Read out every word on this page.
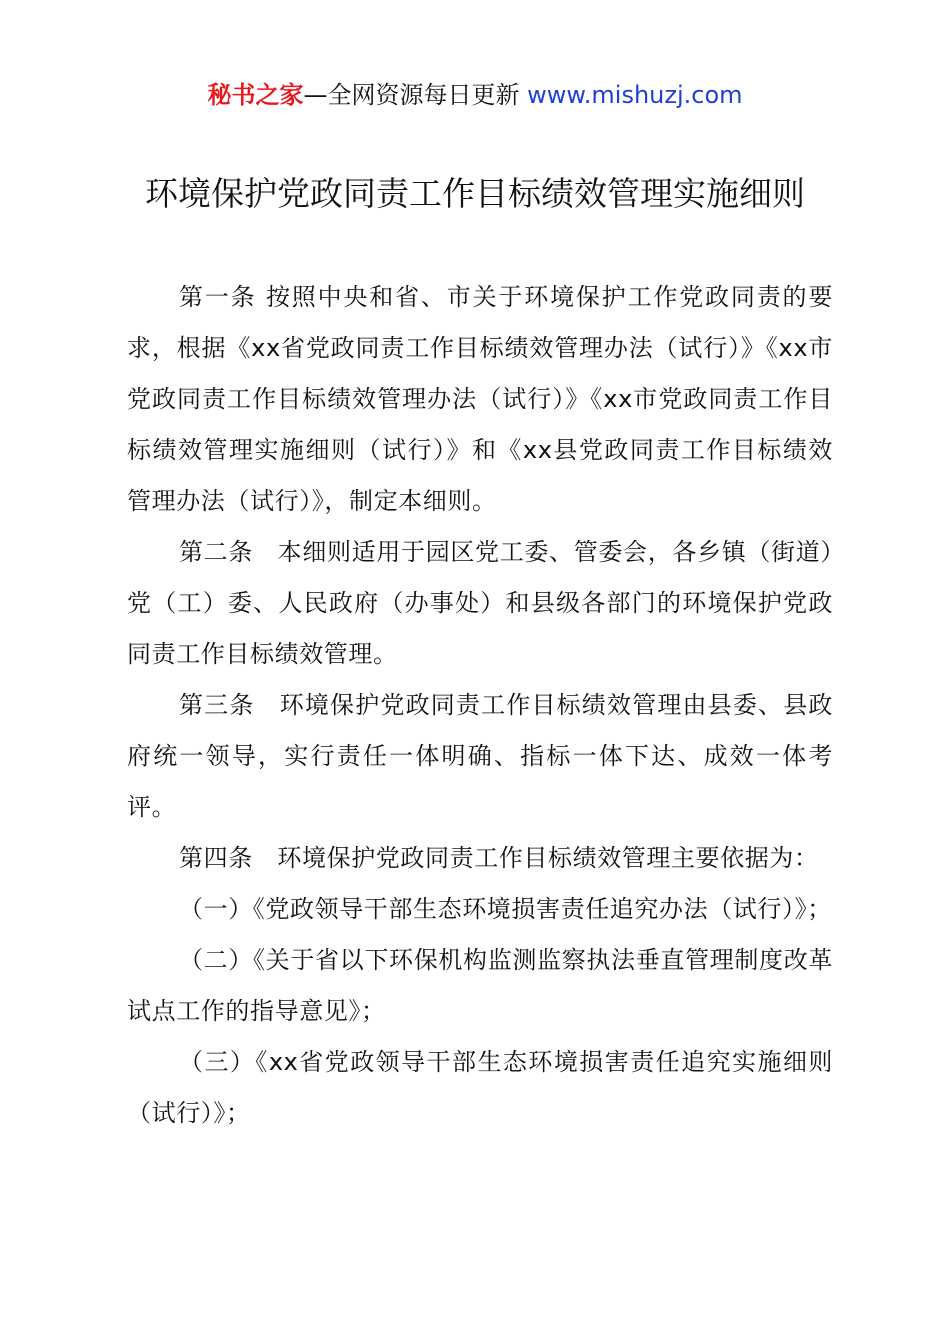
秘书之家—全网资源每日更新 www.mishuzj.com
环境保护党政同责工作目标绩效管理实施细则

第一条 按照中央和省、市关于环境保护工作党政同责的要求，根据《xx省党政同责工作目标绩效管理办法（试行）》《xx市党政同责工作目标绩效管理办法（试行）》《xx市党政同责工作目标绩效管理实施细则（试行）》和《xx县党政同责工作目标绩效管理办法（试行）》，制定本细则。

第二条　本细则适用于园区党工委、管委会，各乡镇（街道）党（工）委、人民政府（办事处）和县级各部门的环境保护党政同责工作目标绩效管理。

第三条　环境保护党政同责工作目标绩效管理由县委、县政府统一领导，实行责任一体明确、指标一体下达、成效一体考评。

第四条　环境保护党政同责工作目标绩效管理主要依据为：

（一）《党政领导干部生态环境损害责任追究办法（试行）》；

（二）《关于省以下环保机构监测监察执法垂直管理制度改革试点工作的指导意见》；

（三）《xx省党政领导干部生态环境损害责任追究实施细则（试行）》；
